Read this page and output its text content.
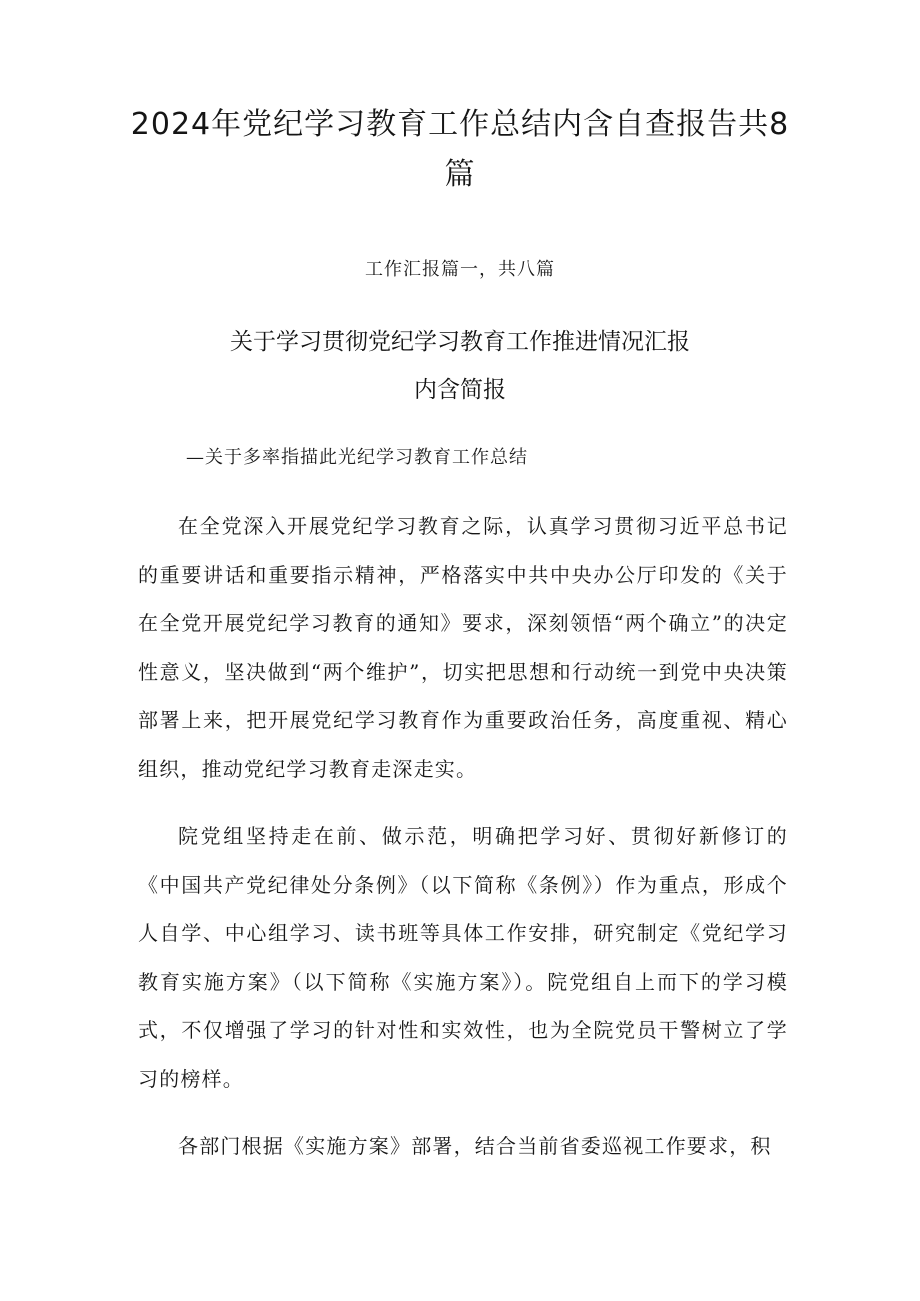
2024年党纪学习教育工作总结内含自查报告共8篇
工作汇报篇一，共八篇
关于学习贯彻党纪学习教育工作推进情况汇报
内含简报
—关于多率指描此光纪学习教育工作总结

在全党深入开展党纪学习教育之际，认真学习贯彻习近平总书记的重要讲话和重要指示精神，严格落实中共中央办公厅印发的《关于在全党开展党纪学习教育的通知》要求，深刻领悟“两个确立”的决定性意义，坚决做到“两个维护”，切实把思想和行动统一到党中央决策部署上来，把开展党纪学习教育作为重要政治任务，高度重视、精心组织，推动党纪学习教育走深走实。

院党组坚持走在前、做示范，明确把学习好、贯彻好新修订的《中国共产党纪律处分条例》（以下简称《条例》）作为重点，形成个人自学、中心组学习、读书班等具体工作安排，研究制定《党纪学习教育实施方案》（以下简称《实施方案》）。院党组自上而下的学习模式，不仅增强了学习的针对性和实效性，也为全院党员干警树立了学习的榜样。

各部门根据《实施方案》部署，结合当前省委巡视工作要求，积
